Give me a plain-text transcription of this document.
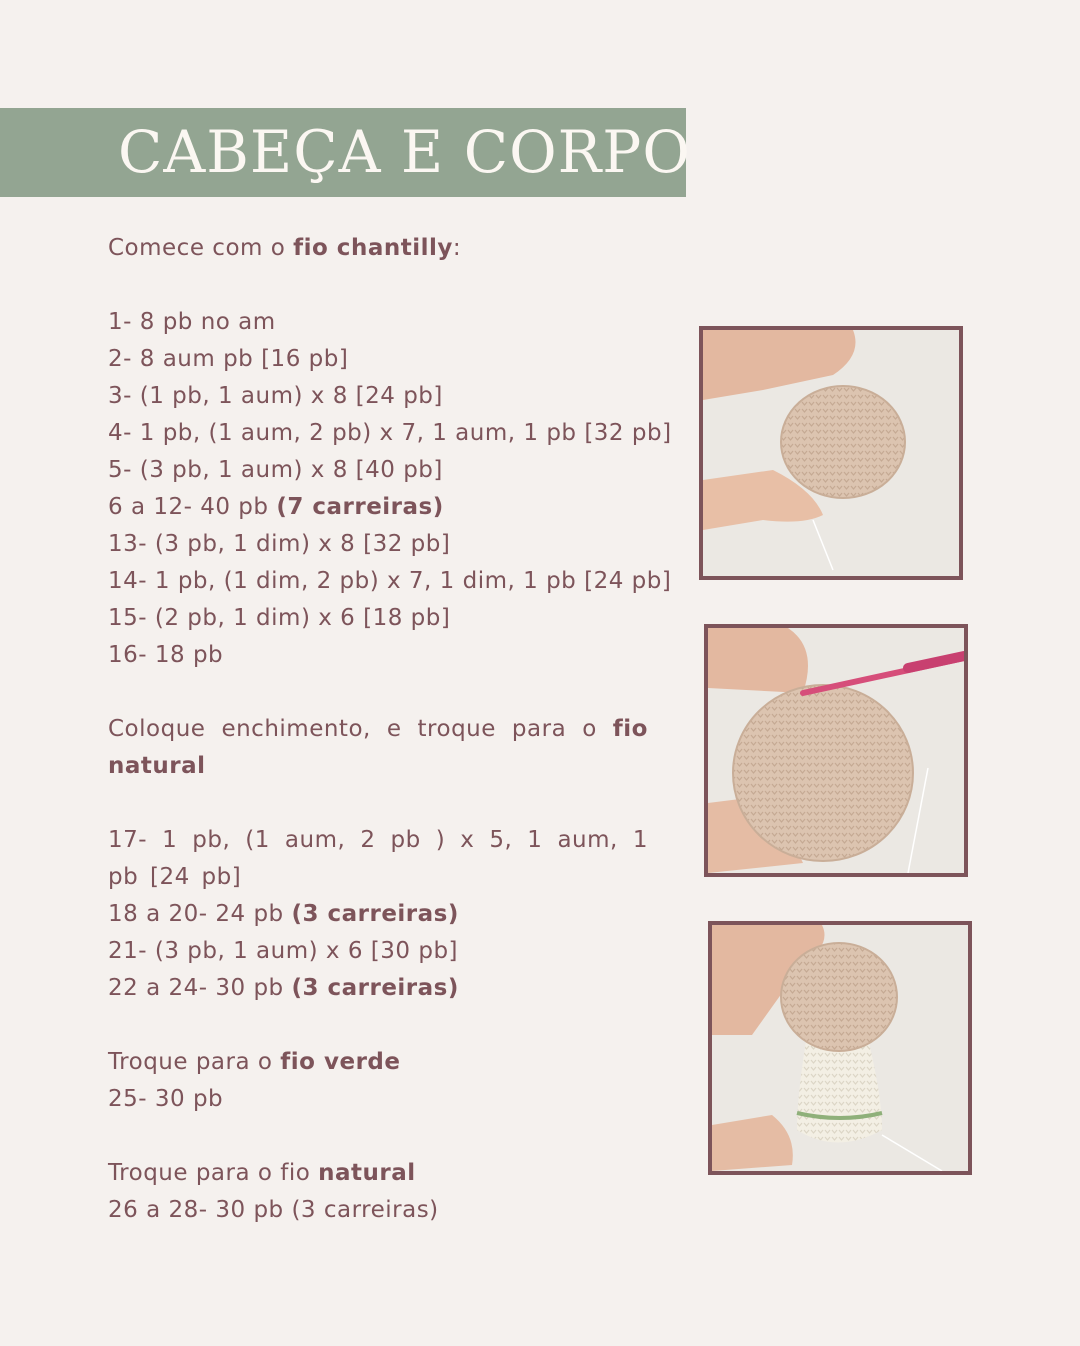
CABEÇA E CORPO
Comece com o fio chantilly:
1- 8 pb no am
2- 8 aum pb [16 pb]
3- (1 pb, 1 aum) x 8 [24 pb]
4- 1 pb, (1 aum, 2 pb) x 7, 1 aum, 1 pb [32 pb]
5- (3 pb, 1 aum) x 8 [40 pb]
6 a 12- 40 pb (7 carreiras)
13- (3 pb, 1 dim) x 8 [32 pb]
14- 1 pb, (1 dim, 2 pb) x 7, 1 dim, 1 pb [24 pb]
15- (2 pb, 1 dim) x 6 [18 pb]
16- 18 pb
Coloque enchimento, e troque para o fio natural
17- 1 pb, (1 aum, 2 pb ) x 5, 1 aum, 1 pb [24 pb]
18 a 20- 24 pb (3 carreiras)
21- (3 pb, 1 aum) x 6 [30 pb]
22 a 24- 30 pb (3 carreiras)
Troque para o fio verde
25- 30 pb
Troque para o fio natural
26 a 28- 30 pb (3 carreiras)
